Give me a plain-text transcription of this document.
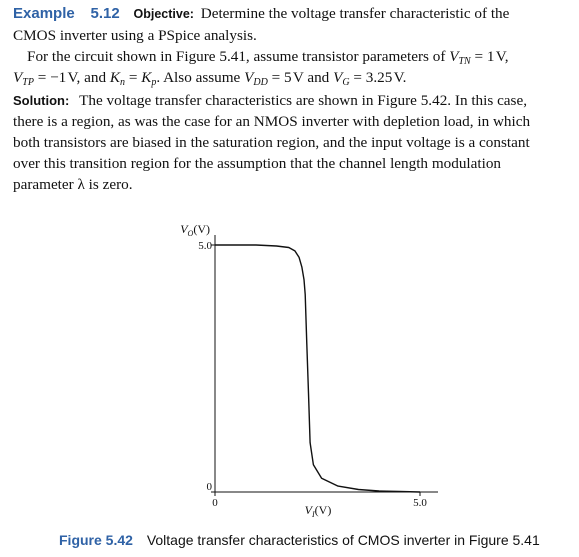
Example 5.12 Objective: Determine the voltage transfer characteristic of the
CMOS inverter using a PSpice analysis.
For the circuit shown in Figure 5.41, assume transistor parameters of $V_{TN} = 1$ V,
$V_{TP} = -1$ V, and $K_n = K_p$. Also assume $V_{DD} = 5$ V and $V_G = 3.25$ V.
Solution: The voltage transfer characteristics are shown in Figure 5.42. In this case,
there is a region, as was the case for an NMOS inverter with depletion load, in which
both transistors are biased in the saturation region, and the input voltage is a constant
over this transition region for the assumption that the channel length modulation
parameter λ is zero.
0
5.0
0	5.0
$V_O(V)$
$V_I(V)$
Figure 5.42 Voltage transfer characteristics of CMOS inverter in Figure 5.41
